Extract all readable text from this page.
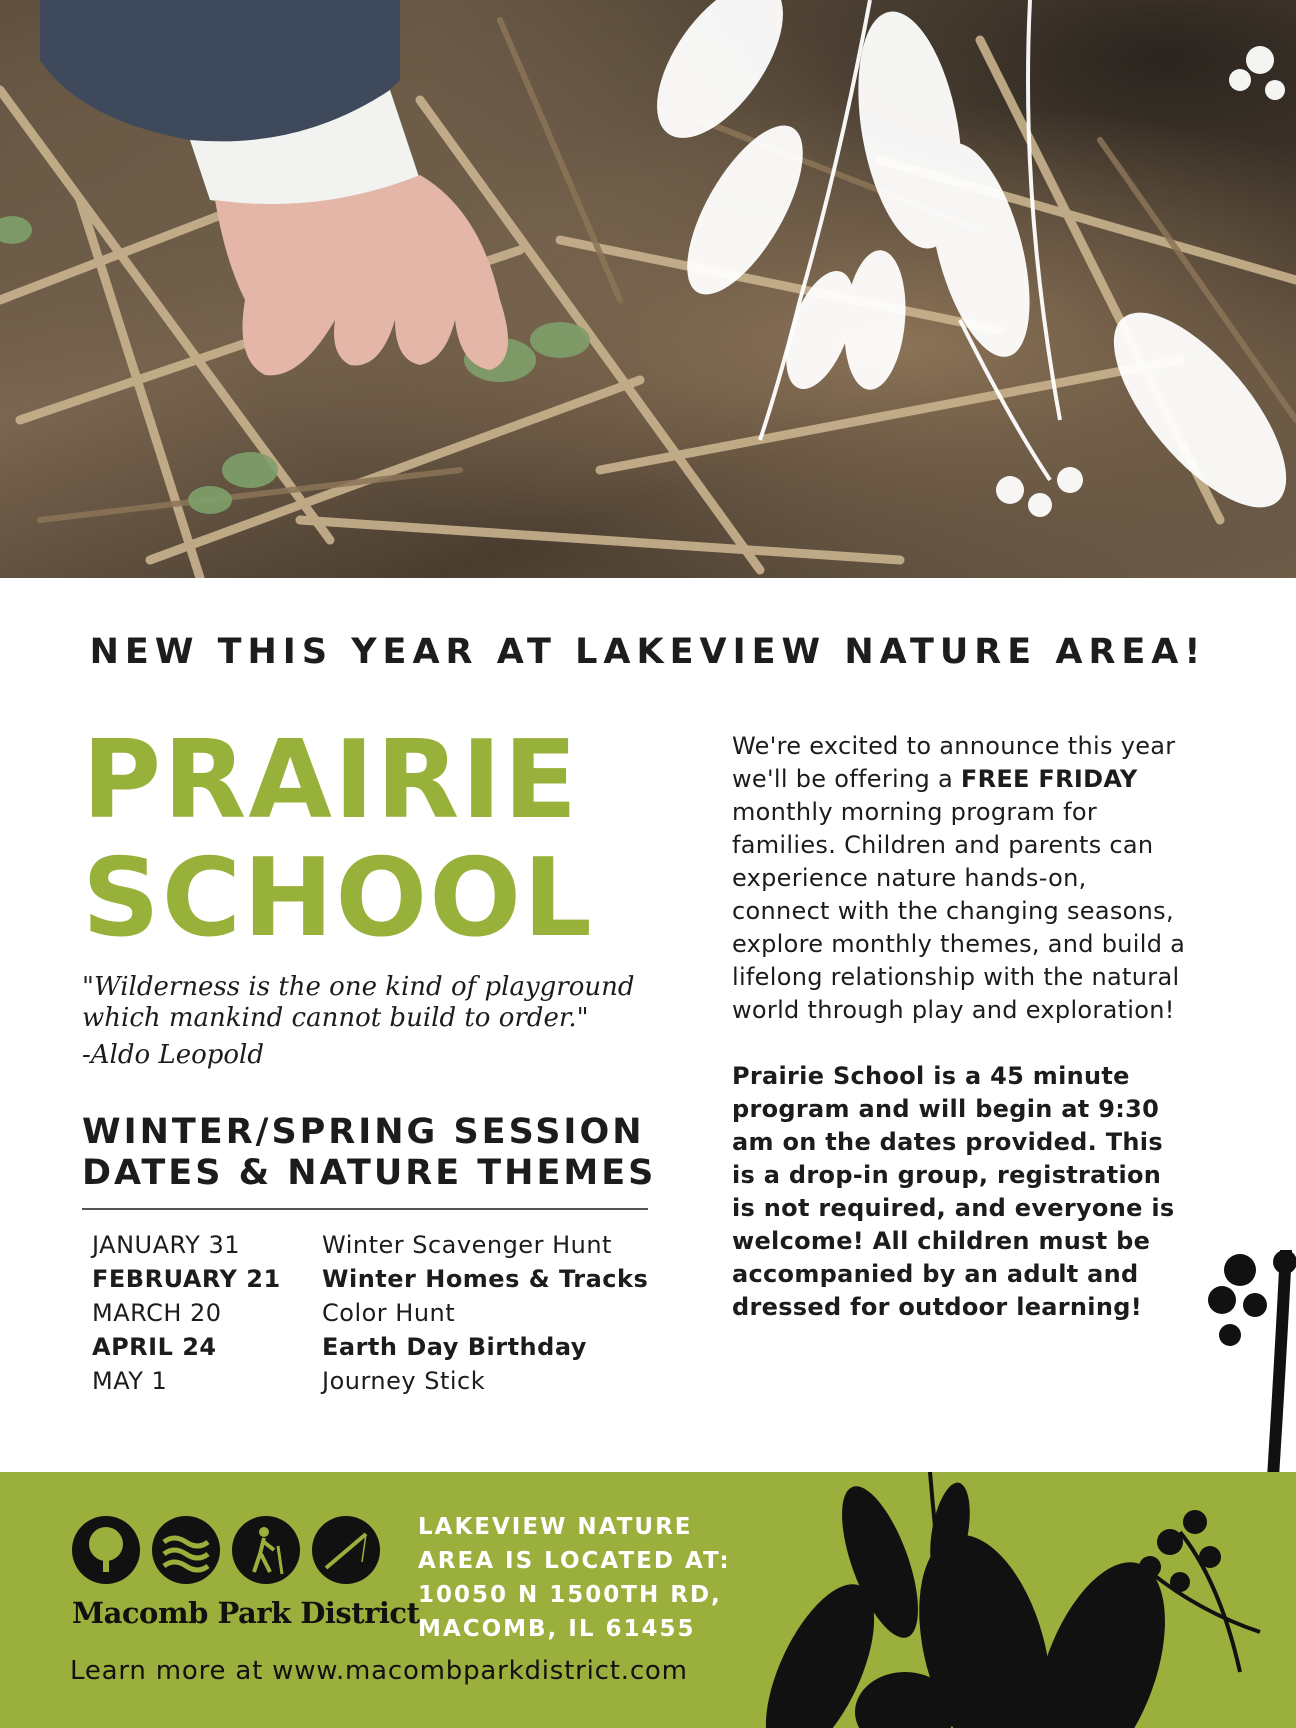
NEW THIS YEAR AT LAKEVIEW NATURE AREA!
PRAIRIE
SCHOOL
"Wilderness is the one kind of playground
which mankind cannot build to order."
-Aldo Leopold
WINTER/SPRING SESSION
DATES & NATURE THEMES
JANUARY 31	Winter Scavenger Hunt
FEBRUARY 21	Winter Homes & Tracks
MARCH 20	Color Hunt
APRIL 24	Earth Day Birthday
MAY 1	Journey Stick

We're excited to announce this year we'll be offering a FREE FRIDAY monthly morning program for families. Children and parents can experience nature hands-on, connect with the changing seasons, explore monthly themes, and build a lifelong relationship with the natural world through play and exploration!

Prairie School is a 45 minute program and will begin at 9:30 am on the dates provided. This is a drop-in group, registration is not required, and everyone is welcome! All children must be accompanied by an adult and dressed for outdoor learning!

Macomb Park District
LAKEVIEW NATURE
AREA IS LOCATED AT:
10050 N 1500TH RD,
MACOMB, IL 61455
Learn more at www.macombparkdistrict.com
